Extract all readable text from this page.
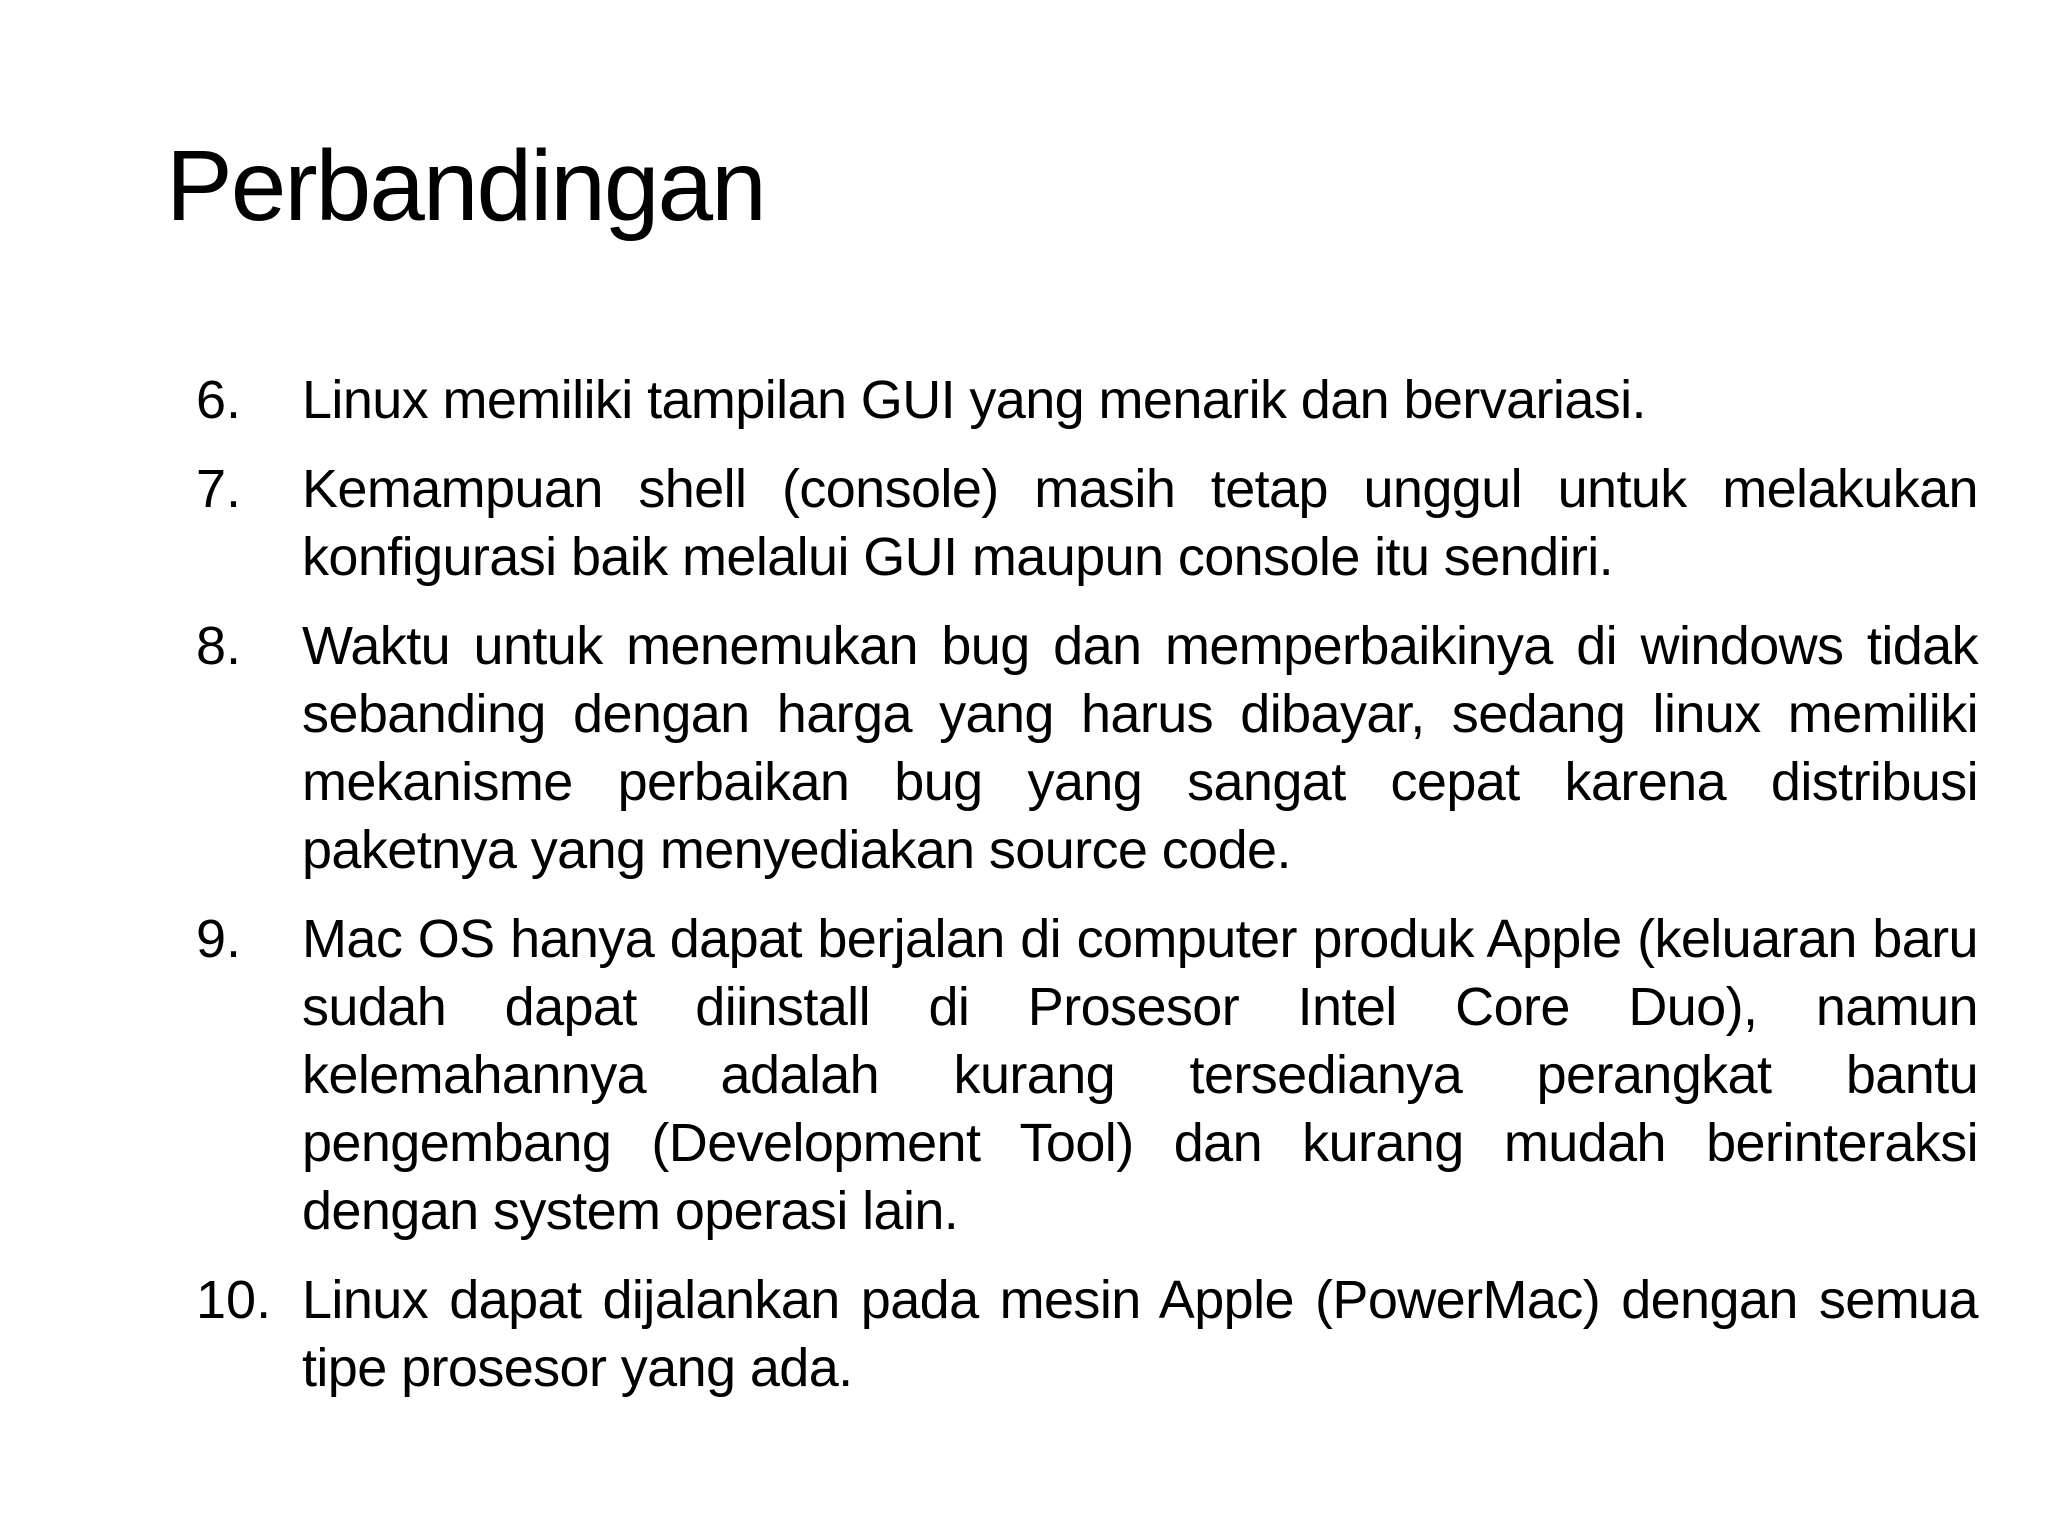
Perbandingan
6.	Linux memiliki tampilan GUI yang menarik dan bervariasi.
7.	Kemampuan shell (console) masih tetap unggul untuk melakukan konfigurasi baik melalui GUI maupun console itu sendiri.
8.	Waktu untuk menemukan bug dan memperbaikinya di windows tidak sebanding dengan harga yang harus dibayar, sedang linux memiliki mekanisme perbaikan bug yang sangat cepat karena distribusi paketnya yang menyediakan source code.
9.	Mac OS hanya dapat berjalan di computer produk Apple (keluaran baru sudah dapat diinstall di Prosesor Intel Core Duo), namun kelemahannya adalah kurang tersedianya perangkat bantu pengembang (Development Tool) dan kurang mudah berinteraksi dengan system operasi lain.
10. Linux dapat dijalankan pada mesin Apple (PowerMac) dengan semua tipe prosesor yang ada.
